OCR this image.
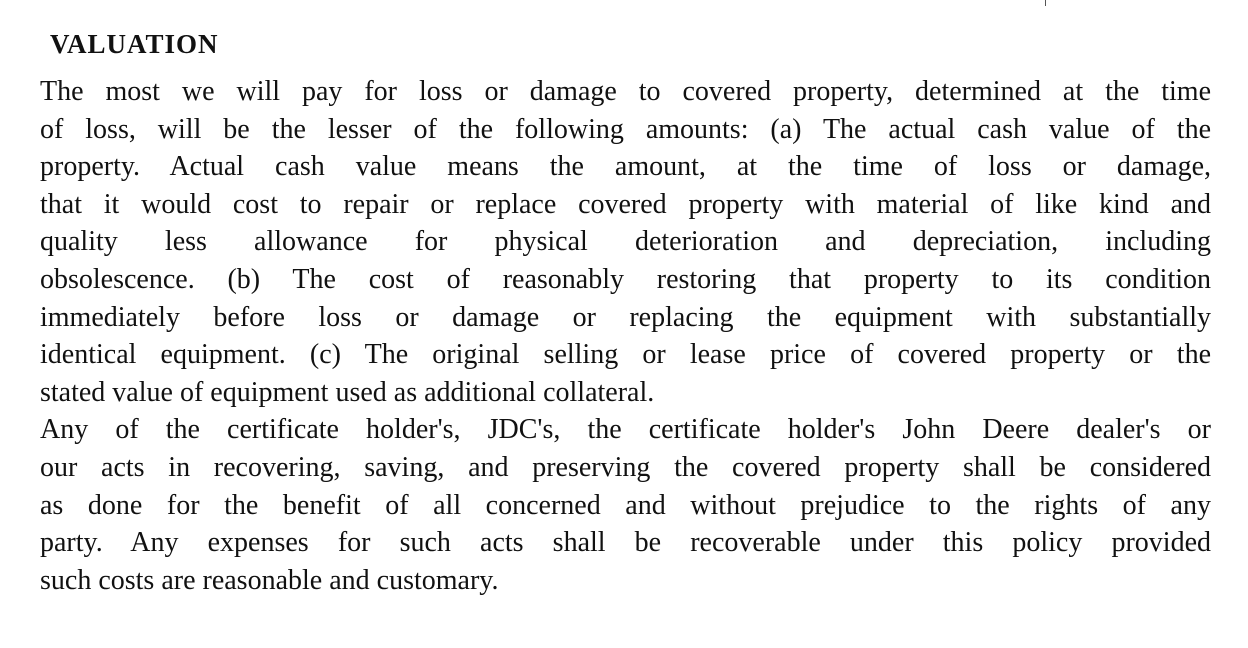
VALUATION
The most we will pay for loss or damage to covered property, determined at the time
of loss, will be the lesser of the following amounts: (a) The actual cash value of the
property. Actual cash value means the amount, at the time of loss or damage,
that it would cost to repair or replace covered property with material of like kind and
quality less allowance for physical deterioration and depreciation, including
obsolescence. (b) The cost of reasonably restoring that property to its condition
immediately before loss or damage or replacing the equipment with substantially
identical equipment. (c) The original selling or lease price of covered property or the
stated value of equipment used as additional collateral.
Any of the certificate holder's, JDC's, the certificate holder's John Deere dealer's or
our acts in recovering, saving, and preserving the covered property shall be considered
as done for the benefit of all concerned and without prejudice to the rights of any
party. Any expenses for such acts shall be recoverable under this policy provided
such costs are reasonable and customary.
